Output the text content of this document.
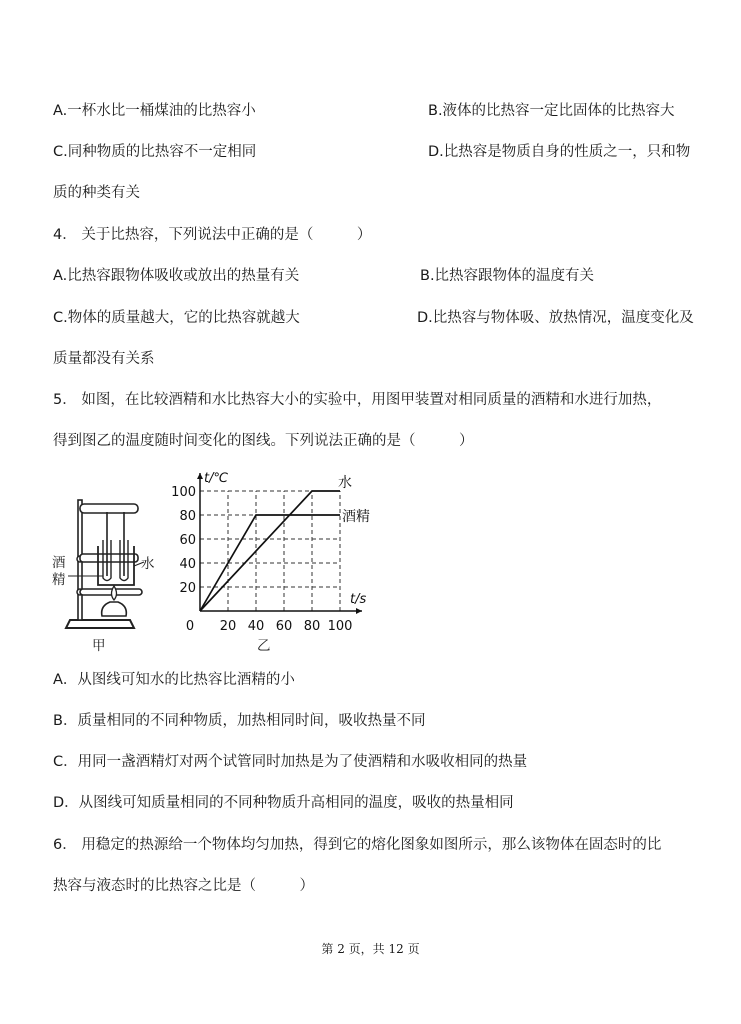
A.一杯水比一桶煤油的比热容小	B.液体的比热容一定比固体的比热容大
C.同种物质的比热容不一定相同	D.比热容是物质自身的性质之一，只和物
质的种类有关
4． 关于比热容，下列说法中正确的是（　　　）
A.比热容跟物体吸收或放出的热量有关	B.比热容跟物体的温度有关
C.物体的质量越大，它的比热容就越大	D.比热容与物体吸、放热情况，温度变化及
质量都没有关系
5． 如图，在比较酒精和水比热容大小的实验中，用图甲装置对相同质量的酒精和水进行加热，
得到图乙的温度随时间变化的图线。下列说法正确的是（　　　）
酒
精
水
甲
0 20 40 60 80 100
20
40
60
80
100
t/℃
t/s
水
酒精
乙
A．从图线可知水的比热容比酒精的小
B．质量相同的不同种物质，加热相同时间，吸收热量不同
C．用同一盏酒精灯对两个试管同时加热是为了使酒精和水吸收相同的热量
D．从图线可知质量相同的不同种物质升高相同的温度，吸收的热量相同
6． 用稳定的热源给一个物体均匀加热，得到它的熔化图象如图所示，那么该物体在固态时的比
热容与液态时的比热容之比是（　　　）
第 2 页，共 12 页
